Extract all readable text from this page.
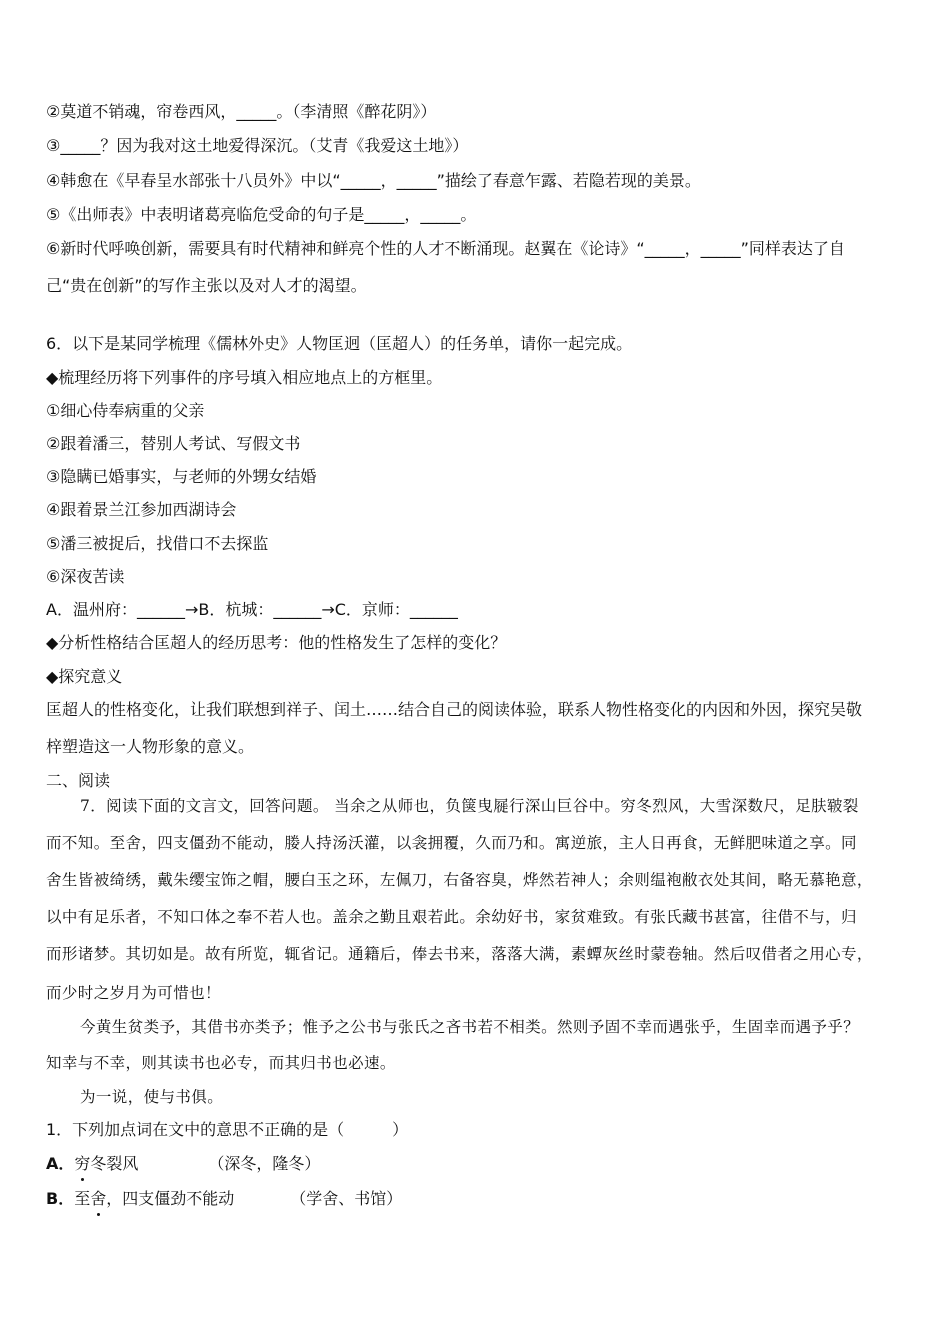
②莫道不销魂，帘卷西风，_____。（李清照《醉花阴》）
③_____？因为我对这土地爱得深沉。（艾青《我爱这土地》）
④韩愈在《早春呈水部张十八员外》中以“_____，_____”描绘了春意乍露、若隐若现的美景。
⑤《出师表》中表明诸葛亮临危受命的句子是_____，_____。
⑥新时代呼唤创新，需要具有时代精神和鲜亮个性的人才不断涌现。赵翼在《论诗》“_____，_____”同样表达了自
己“贵在创新”的写作主张以及对人才的渴望。
6．以下是某同学梳理《儒林外史》人物匡迥（匡超人）的任务单，请你一起完成。
◆梳理经历将下列事件的序号填入相应地点上的方框里。
①细心侍奉病重的父亲
②跟着潘三，替别人考试、写假文书
③隐瞒已婚事实，与老师的外甥女结婚
④跟着景兰江参加西湖诗会
⑤潘三被捉后，找借口不去探监
⑥深夜苦读
A．温州府：______→B．杭城：______→C．京师：______
◆分析性格结合匡超人的经历思考：他的性格发生了怎样的变化？
◆探究意义
匡超人的性格变化，让我们联想到祥子、闰土……结合自己的阅读体验，联系人物性格变化的内因和外因，探究吴敬
梓塑造这一人物形象的意义。
二、阅读
7．阅读下面的文言文，回答问题。 当余之从师也，负箧曳屣行深山巨谷中。穷冬烈风，大雪深数尺，足肤皲裂
而不知。至舍，四支僵劲不能动，媵人持汤沃灌，以衾拥覆，久而乃和。寓逆旅，主人日再食，无鲜肥味道之享。同
舍生皆被绮绣，戴朱缨宝饰之帽，腰白玉之环，左佩刀，右备容臭，烨然若神人；余则缊袍敝衣处其间，略无慕艳意，
以中有足乐者，不知口体之奉不若人也。盖余之勤且艰若此。余幼好书，家贫难致。有张氏藏书甚富，往借不与，归
而形诸梦。其切如是。故有所览，辄省记。通籍后，俸去书来，落落大满，素蟫灰丝时蒙卷轴。然后叹借者之用心专，
而少时之岁月为可惜也！
今黄生贫类予，其借书亦类予；惟予之公书与张氏之吝书若不相类。然则予固不幸而遇张乎，生固幸而遇予乎？
知幸与不幸，则其读书也必专，而其归书也必速。
为一说，使与书俱。
1．下列加点词在文中的意思不正确的是（　　　）
A．穷冬裂风	（深冬，隆冬）
B．至舍，四支僵劲不能动	（学舍、书馆）
